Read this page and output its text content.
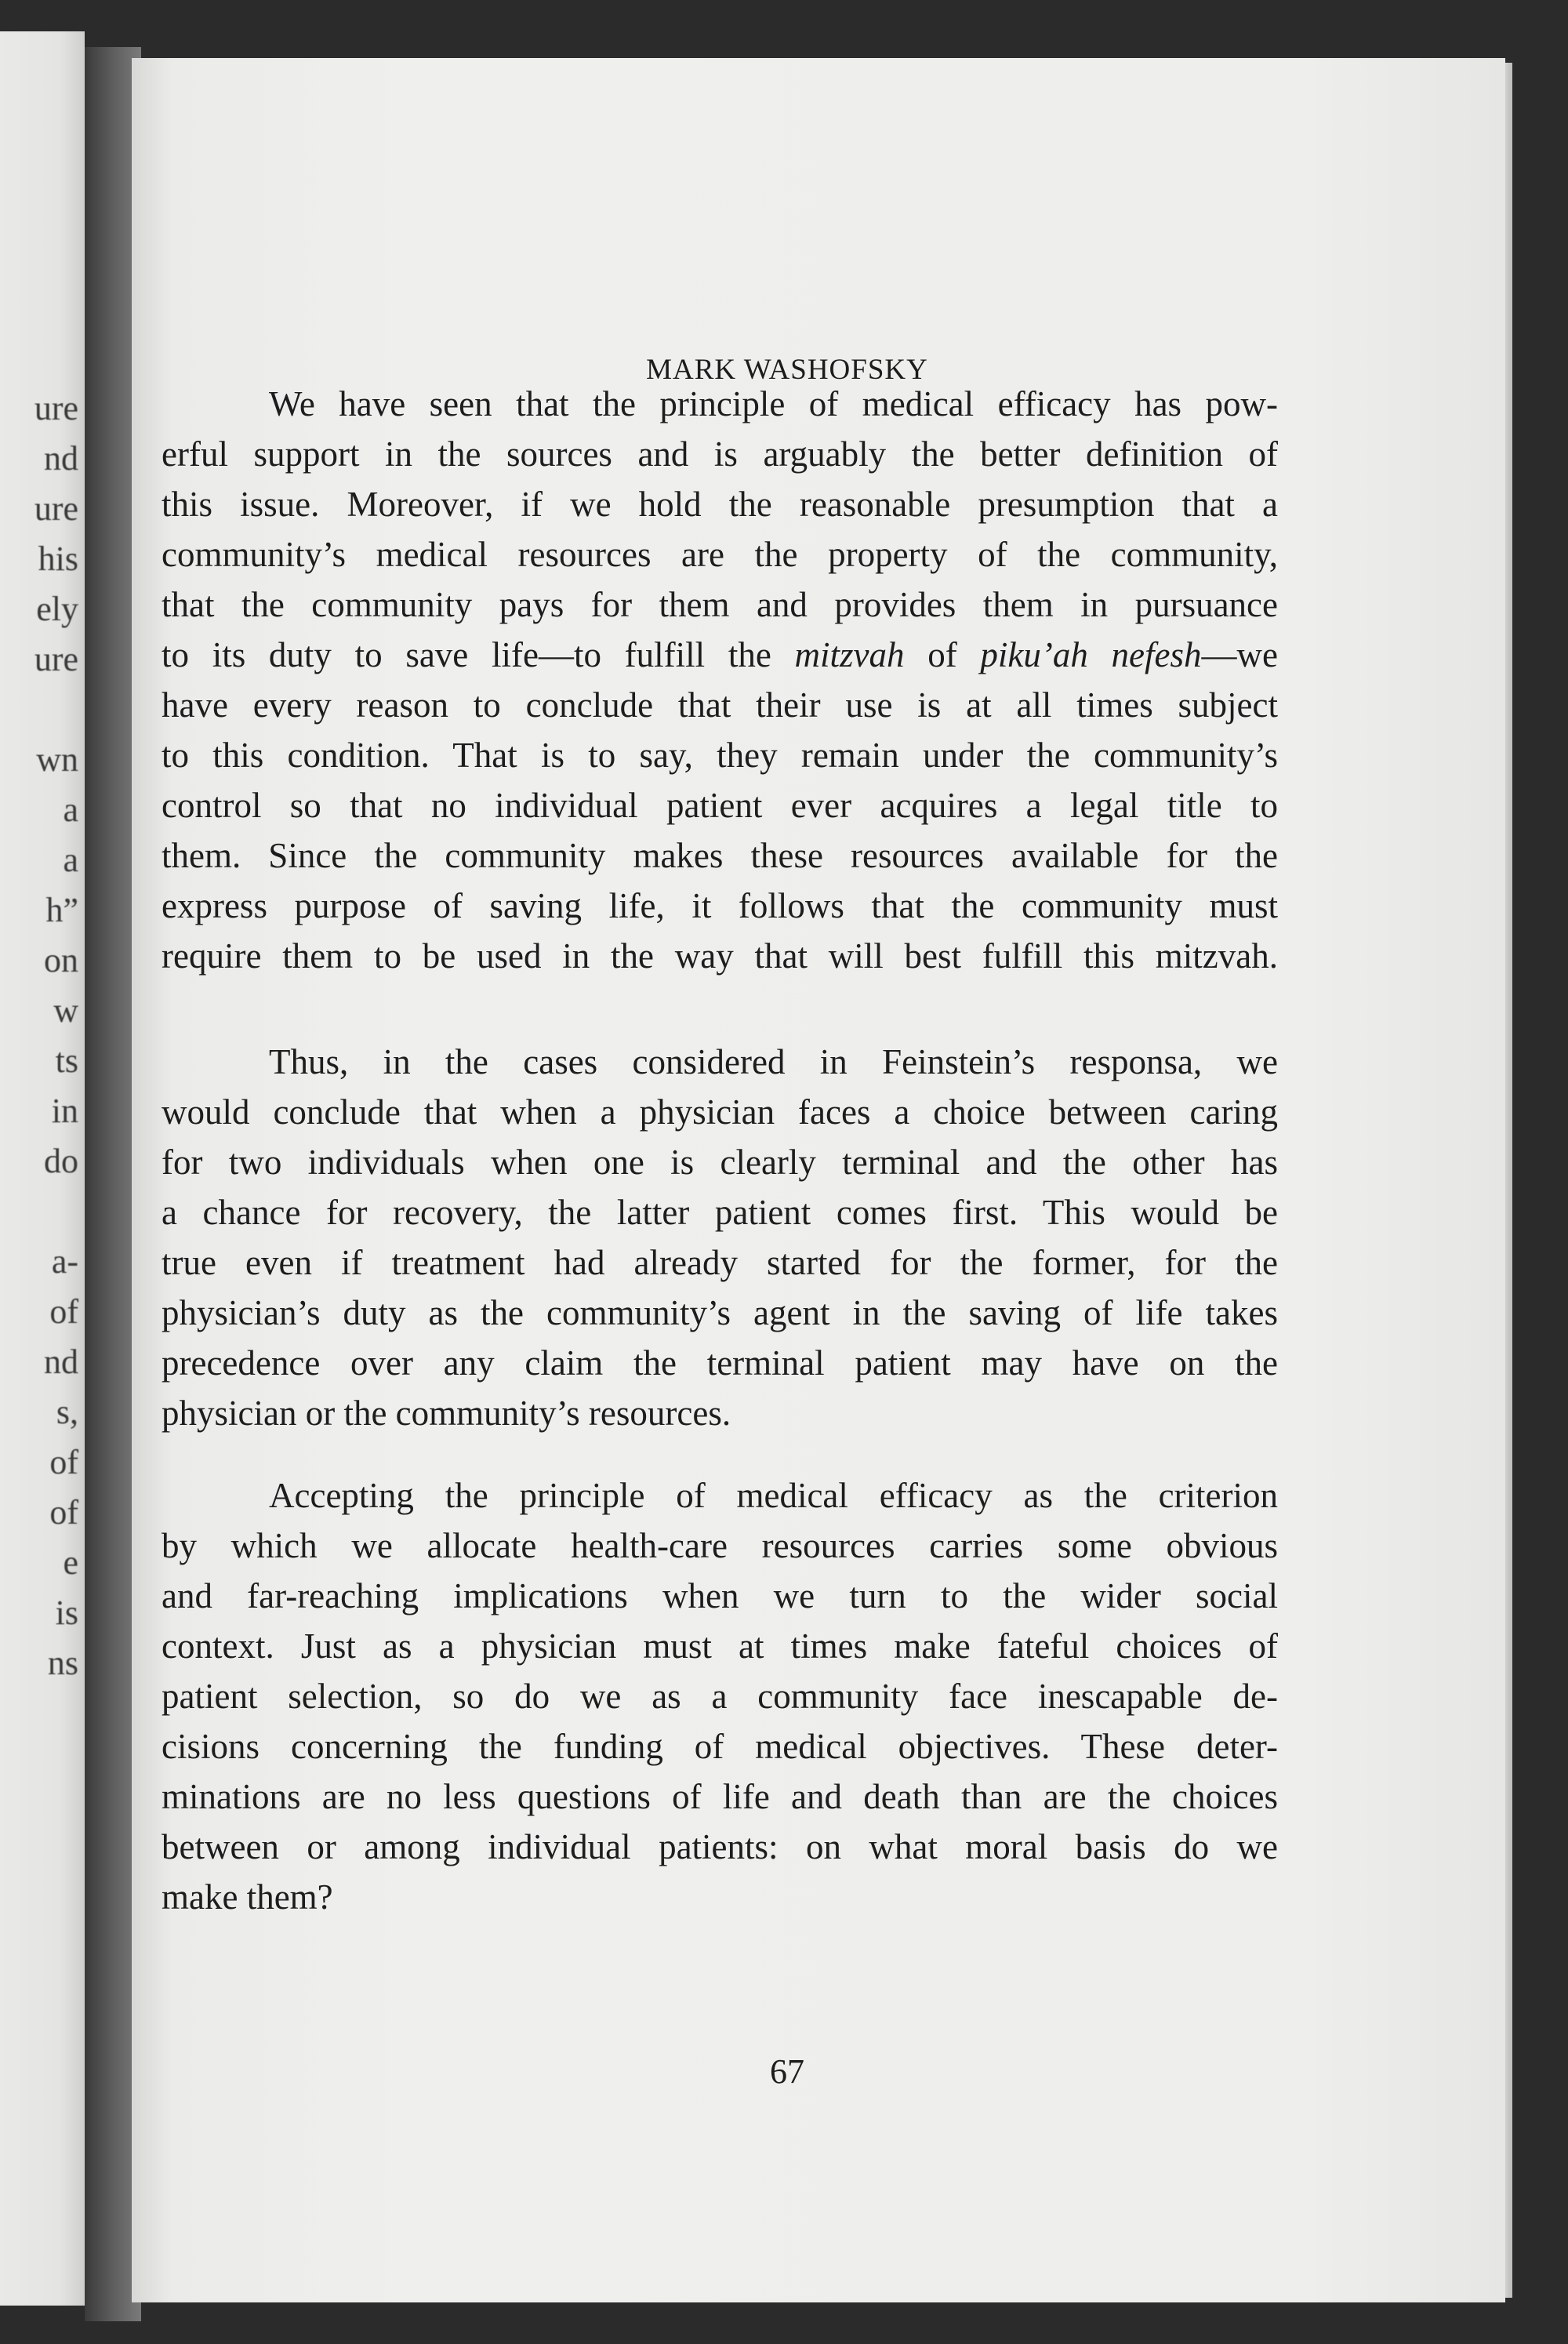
ure
nd
ure
his
ely
ure
wn
a
a
h”
on
w
ts
in
do
a-
of
nd
s,
of
of
e
is
ns
MARK WASHOFSKY
We have seen that the principle of medical efficacy has pow-
erful support in the sources and is arguably the better definition of
this issue. Moreover, if we hold the reasonable presumption that a
community’s medical resources are the property of the community,
that the community pays for them and provides them in pursuance
to its duty to save life—to fulfill the mitzvah of piku’ah nefesh—we
have every reason to conclude that their use is at all times subject
to this condition. That is to say, they remain under the community’s
control so that no individual patient ever acquires a legal title to
them. Since the community makes these resources available for the
express purpose of saving life, it follows that the community must
require them to be used in the way that will best fulfill this mitzvah.
Thus, in the cases considered in Feinstein’s responsa, we
would conclude that when a physician faces a choice between caring
for two individuals when one is clearly terminal and the other has
a chance for recovery, the latter patient comes first. This would be
true even if treatment had already started for the former, for the
physician’s duty as the community’s agent in the saving of life takes
precedence over any claim the terminal patient may have on the
physician or the community’s resources.
Accepting the principle of medical efficacy as the criterion
by which we allocate health-care resources carries some obvious
and far-reaching implications when we turn to the wider social
context. Just as a physician must at times make fateful choices of
patient selection, so do we as a community face inescapable de-
cisions concerning the funding of medical objectives. These deter-
minations are no less questions of life and death than are the choices
between or among individual patients: on what moral basis do we
make them?
67
